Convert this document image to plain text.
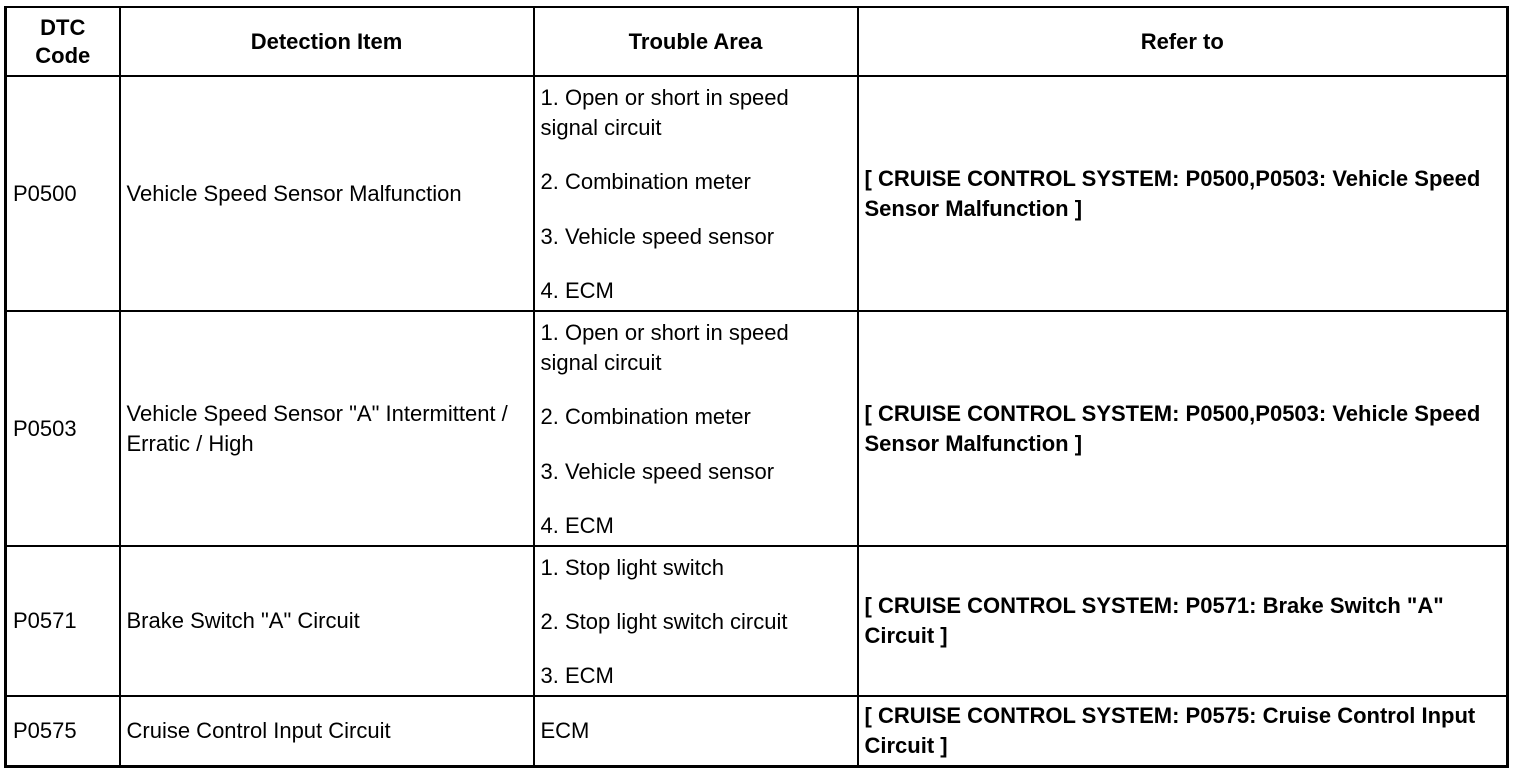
DTC Code	Detection Item	Trouble Area	Refer to
P0500	Vehicle Speed Sensor Malfunction	1. Open or short in speed signal circuit
2. Combination meter
3. Vehicle speed sensor
4. ECM	[ CRUISE CONTROL SYSTEM: P0500,P0503: Vehicle Speed Sensor Malfunction ]
P0503	Vehicle Speed Sensor "A" Intermittent / Erratic / High	1. Open or short in speed signal circuit
2. Combination meter
3. Vehicle speed sensor
4. ECM	[ CRUISE CONTROL SYSTEM: P0500,P0503: Vehicle Speed Sensor Malfunction ]
P0571	Brake Switch "A" Circuit	1. Stop light switch
2. Stop light switch circuit
3. ECM	[ CRUISE CONTROL SYSTEM: P0571: Brake Switch "A" Circuit ]
P0575	Cruise Control Input Circuit	ECM	[ CRUISE CONTROL SYSTEM: P0575: Cruise Control Input Circuit ]
